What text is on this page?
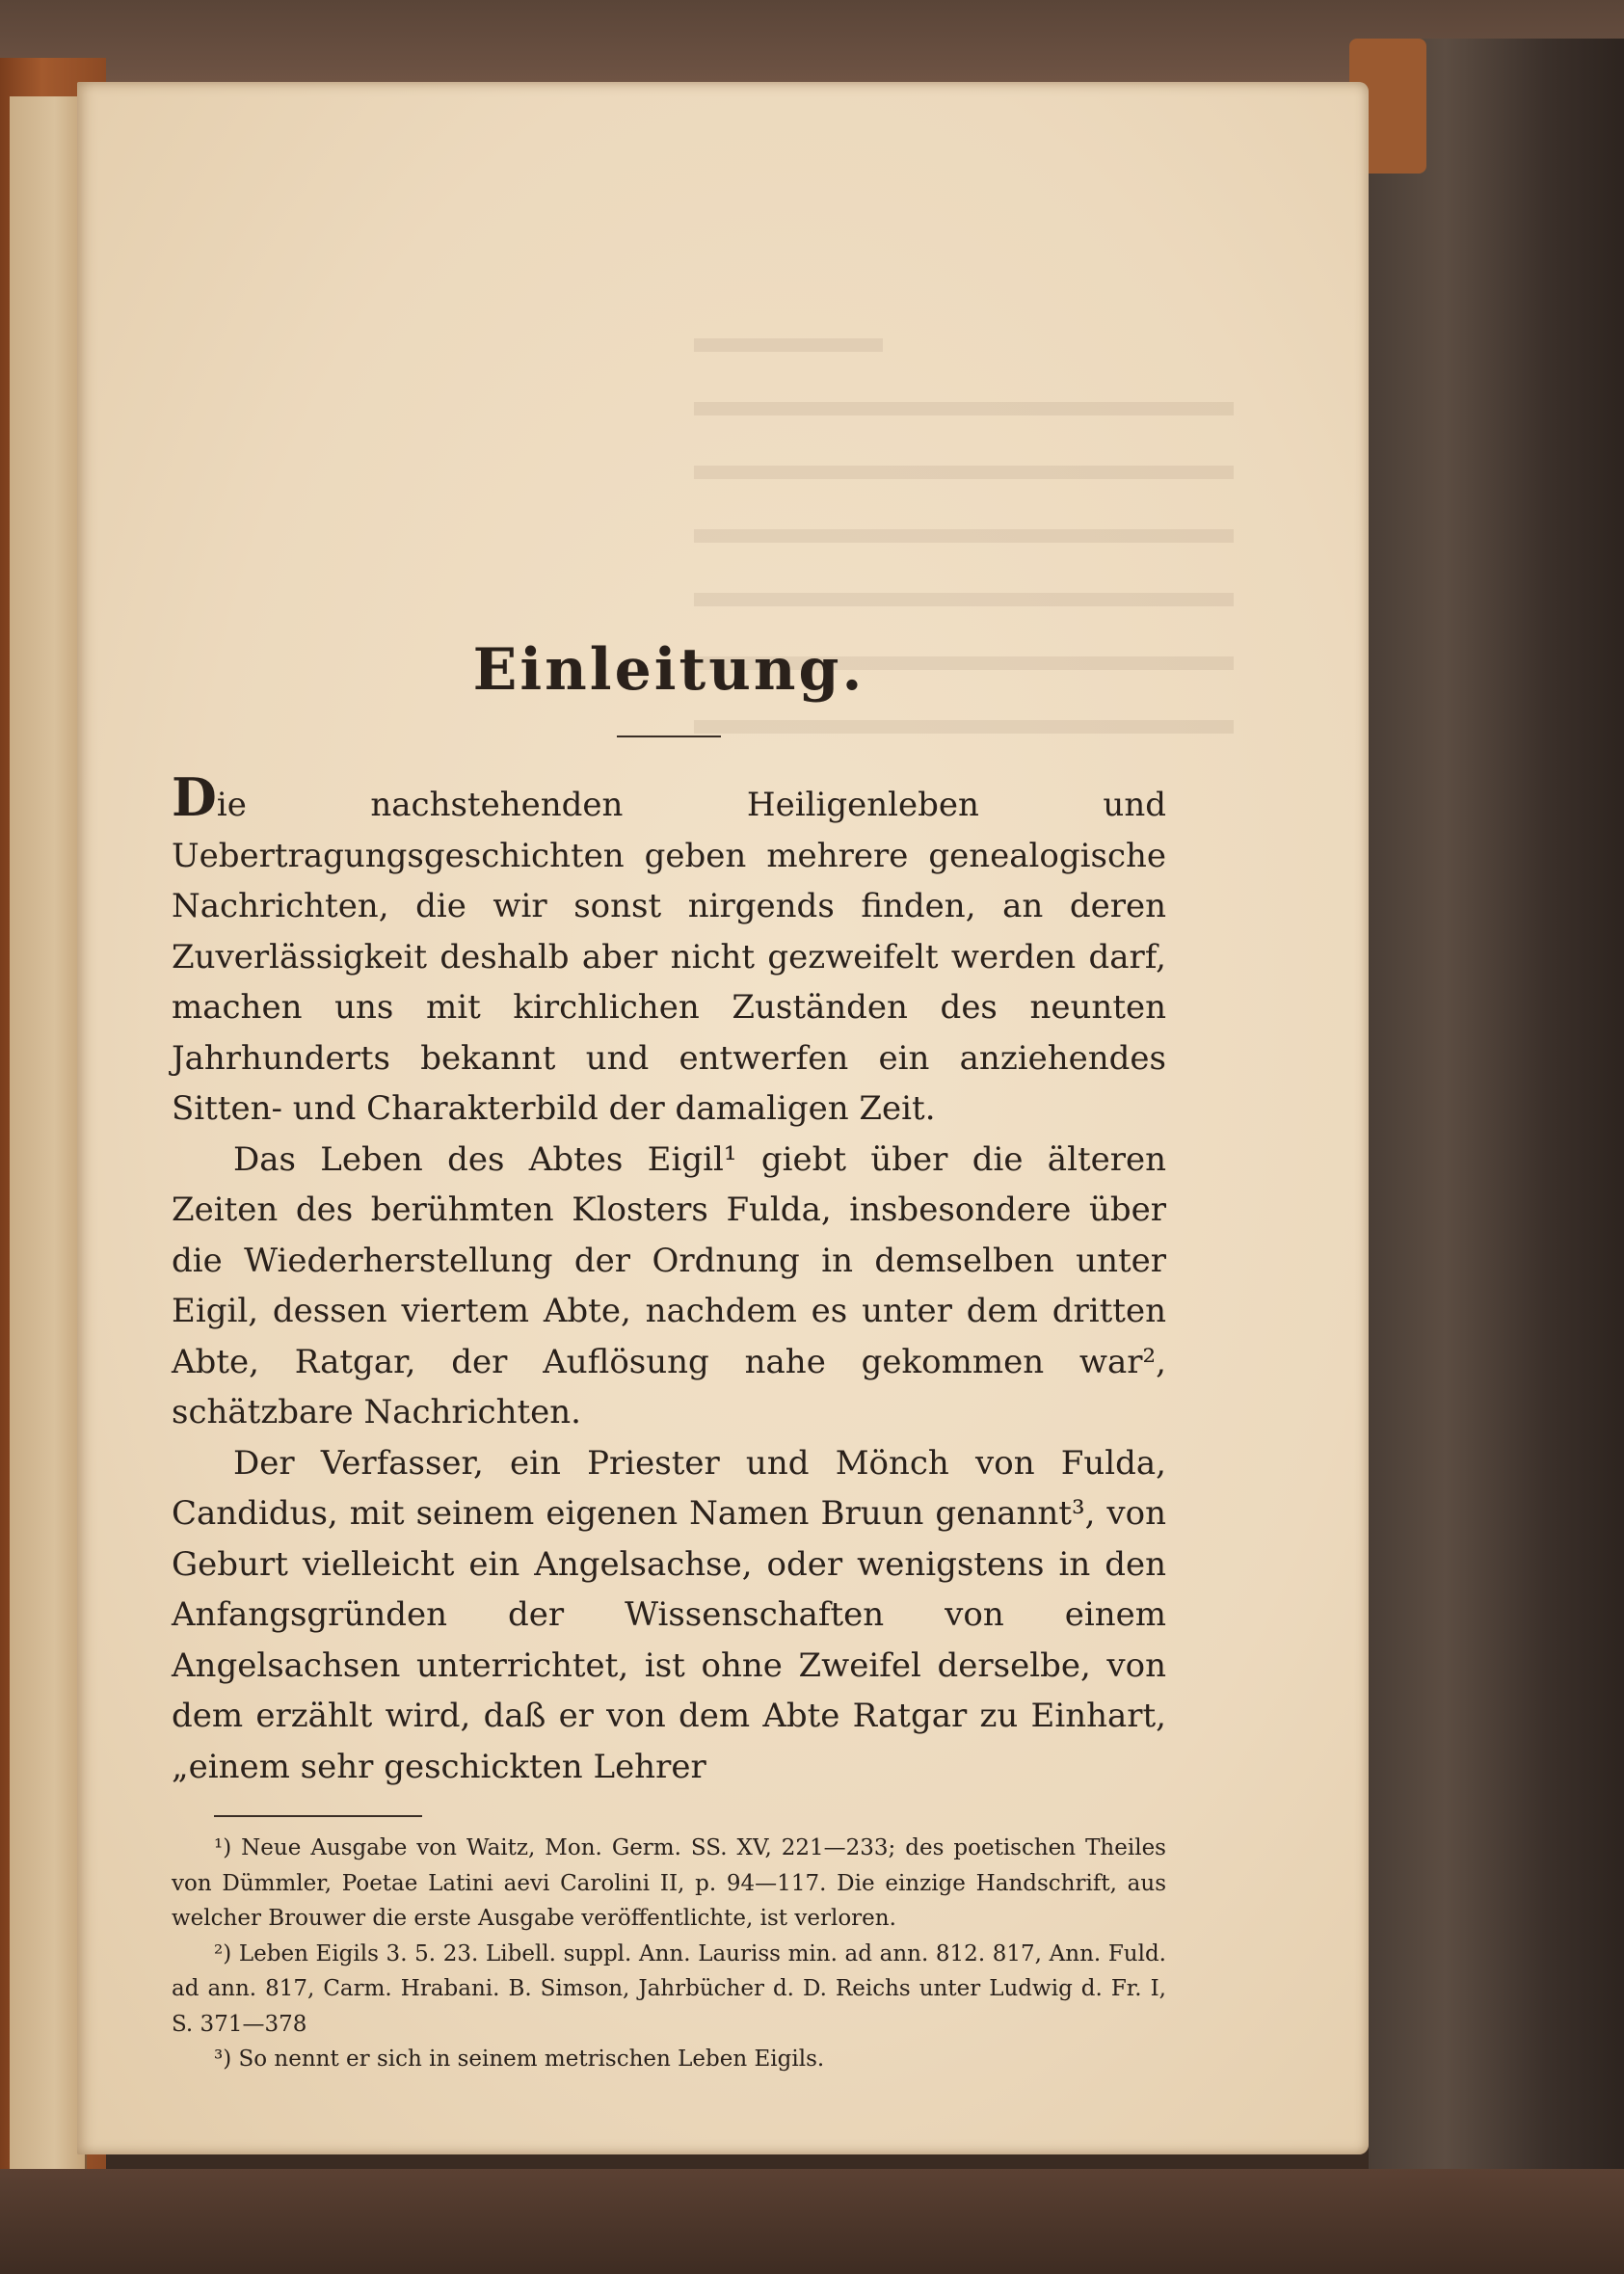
Einleitung.

Die nachstehenden Heiligenleben und Uebertragungsgeschichten geben mehrere genealogische Nachrichten, die wir sonst nirgends finden, an deren Zuverlässigkeit deshalb aber nicht gezweifelt werden darf, machen uns mit kirchlichen Zuständen des neunten Jahrhunderts bekannt und entwerfen ein anziehendes Sitten- und Charakterbild der damaligen Zeit.

Das Leben des Abtes Eigil¹ giebt über die älteren Zeiten des berühmten Klosters Fulda, insbesondere über die Wiederherstellung der Ordnung in demselben unter Eigil, dessen viertem Abte, nachdem es unter dem dritten Abte, Ratgar, der Auflösung nahe gekommen war², schätzbare Nachrichten.

Der Verfasser, ein Priester und Mönch von Fulda, Candidus, mit seinem eigenen Namen Bruun genannt³, von Geburt vielleicht ein Angelsachse, oder wenigstens in den Anfangsgründen der Wissenschaften von einem Angelsachsen unterrichtet, ist ohne Zweifel derselbe, von dem erzählt wird, daß er von dem Abte Ratgar zu Einhart, „einem sehr geschickten Lehrer

¹) Neue Ausgabe von Waitz, Mon. Germ. SS. XV, 221—233; des poetischen Theiles von Dümmler, Poetae Latini aevi Carolini II, p. 94—117. Die einzige Handschrift, aus welcher Brouwer die erste Ausgabe veröffentlichte, ist verloren.

²) Leben Eigils 3. 5. 23. Libell. suppl. Ann. Lauriss min. ad ann. 812. 817, Ann. Fuld. ad ann. 817, Carm. Hrabani. B. Simson, Jahrbücher d. D. Reichs unter Ludwig d. Fr. I, S. 371—378

³) So nennt er sich in seinem metrischen Leben Eigils.
